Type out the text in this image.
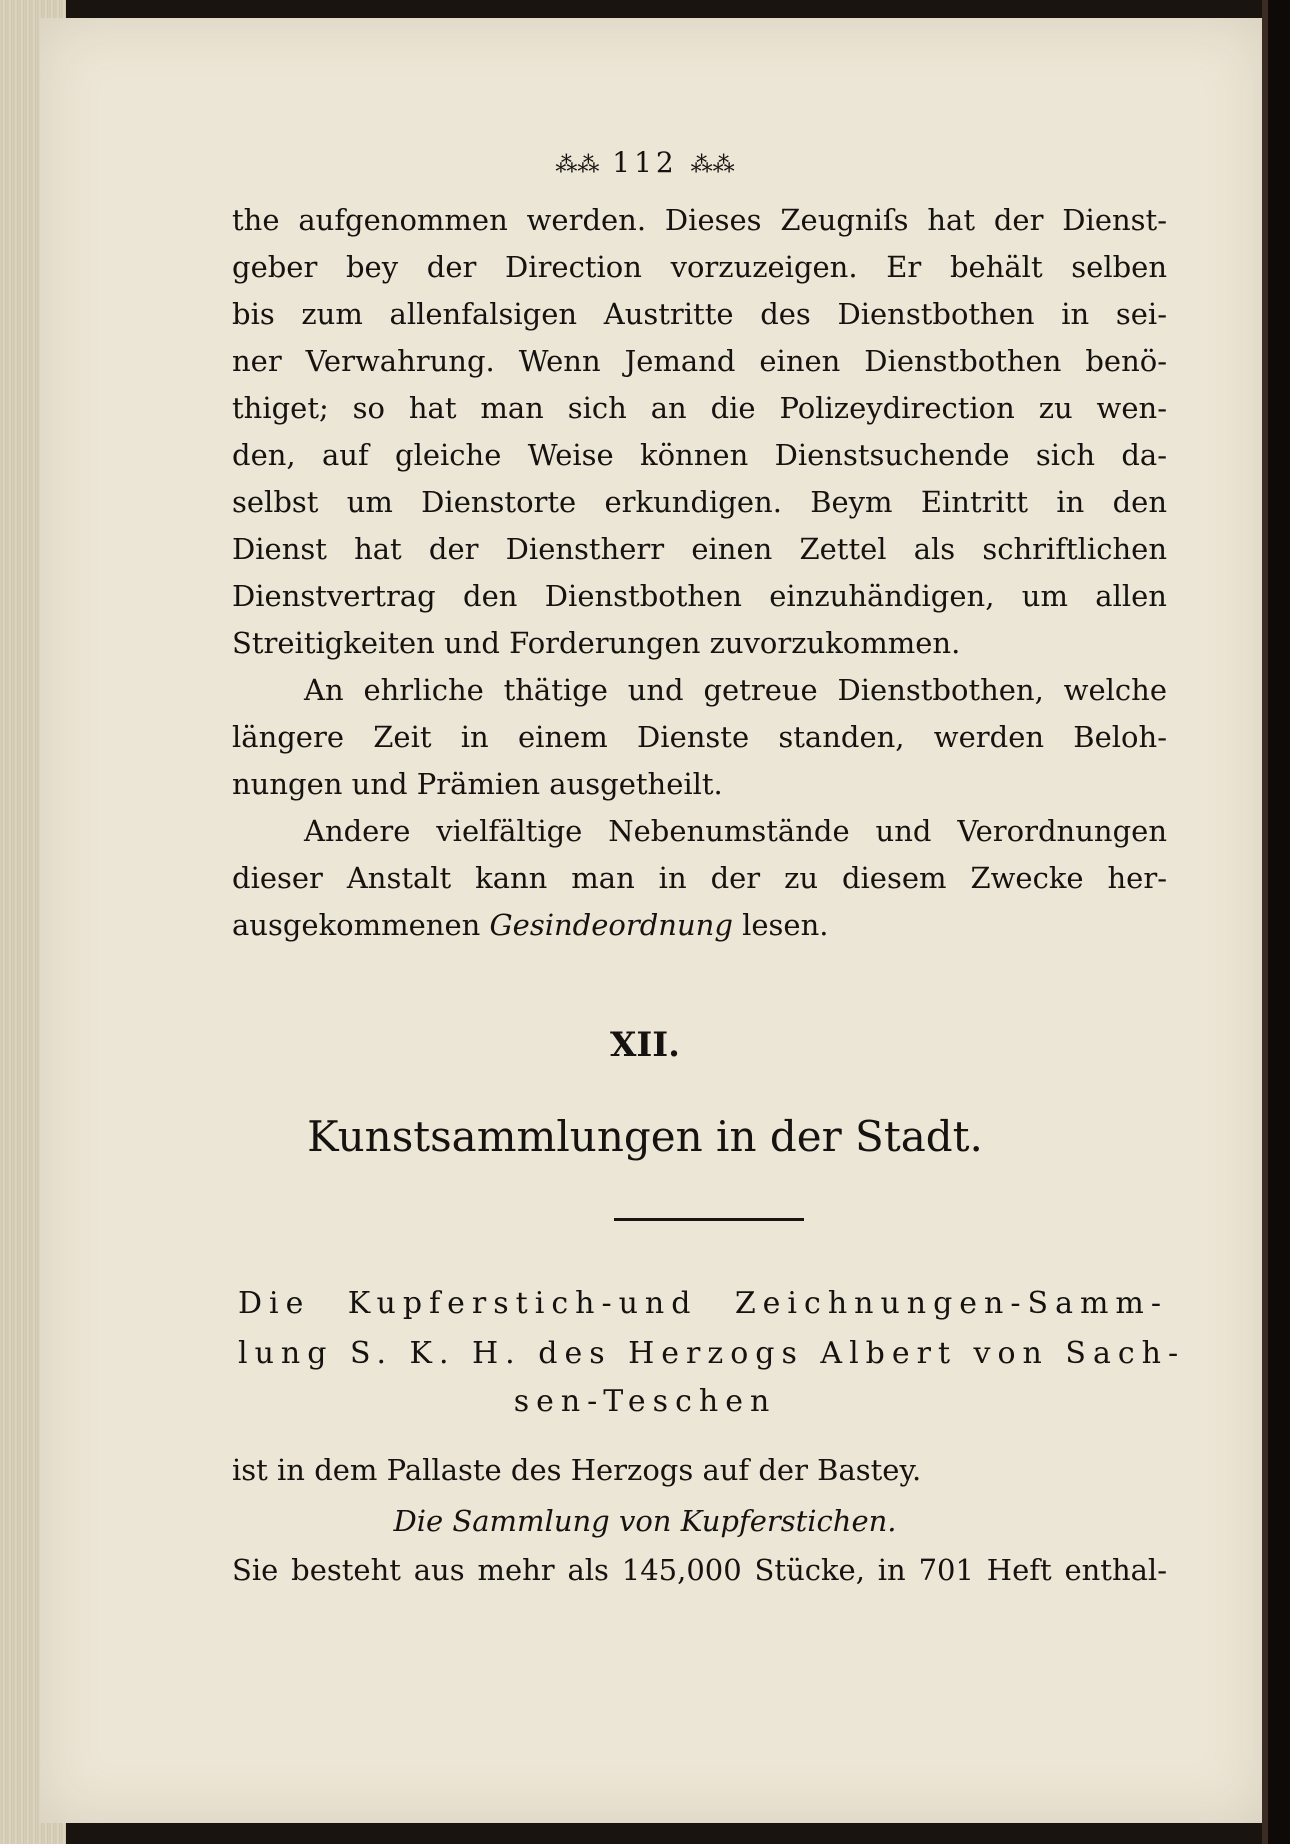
⁂⁂ 112 ⁂⁂
the aufgenommen werden. Dieses Zeugniſs hat der Dienst-
geber bey der Direction vorzuzeigen. Er behält selben
bis zum allenfalsigen Austritte des Dienstbothen in sei-
ner Verwahrung. Wenn Jemand einen Dienstbothen benö-
thiget; so hat man sich an die Polizeydirection zu wen-
den, auf gleiche Weise können Dienstsuchende sich da-
selbst um Dienstorte erkundigen. Beym Eintritt in den
Dienst hat der Dienstherr einen Zettel als schriftlichen
Dienstvertrag den Dienstbothen einzuhändigen, um allen
Streitigkeiten und Forderungen zuvorzukommen.
An ehrliche thätige und getreue Dienstbothen, welche
längere Zeit in einem Dienste standen, werden Beloh-
nungen und Prämien ausgetheilt.
Andere vielfältige Nebenumstände und Verordnungen
dieser Anstalt kann man in der zu diesem Zwecke her-
ausgekommenen Gesindeordnung lesen.
XII.
Kunstsammlungen in der Stadt.
Die Kupferstich-und Zeichnungen-Samm-
lung S. K. H. des Herzogs Albert von Sach-
sen-Teschen
ist in dem Pallaste des Herzogs auf der Bastey.
Die Sammlung von Kupferstichen.
Sie besteht aus mehr als 145,000 Stücke, in 701 Heft enthal-
